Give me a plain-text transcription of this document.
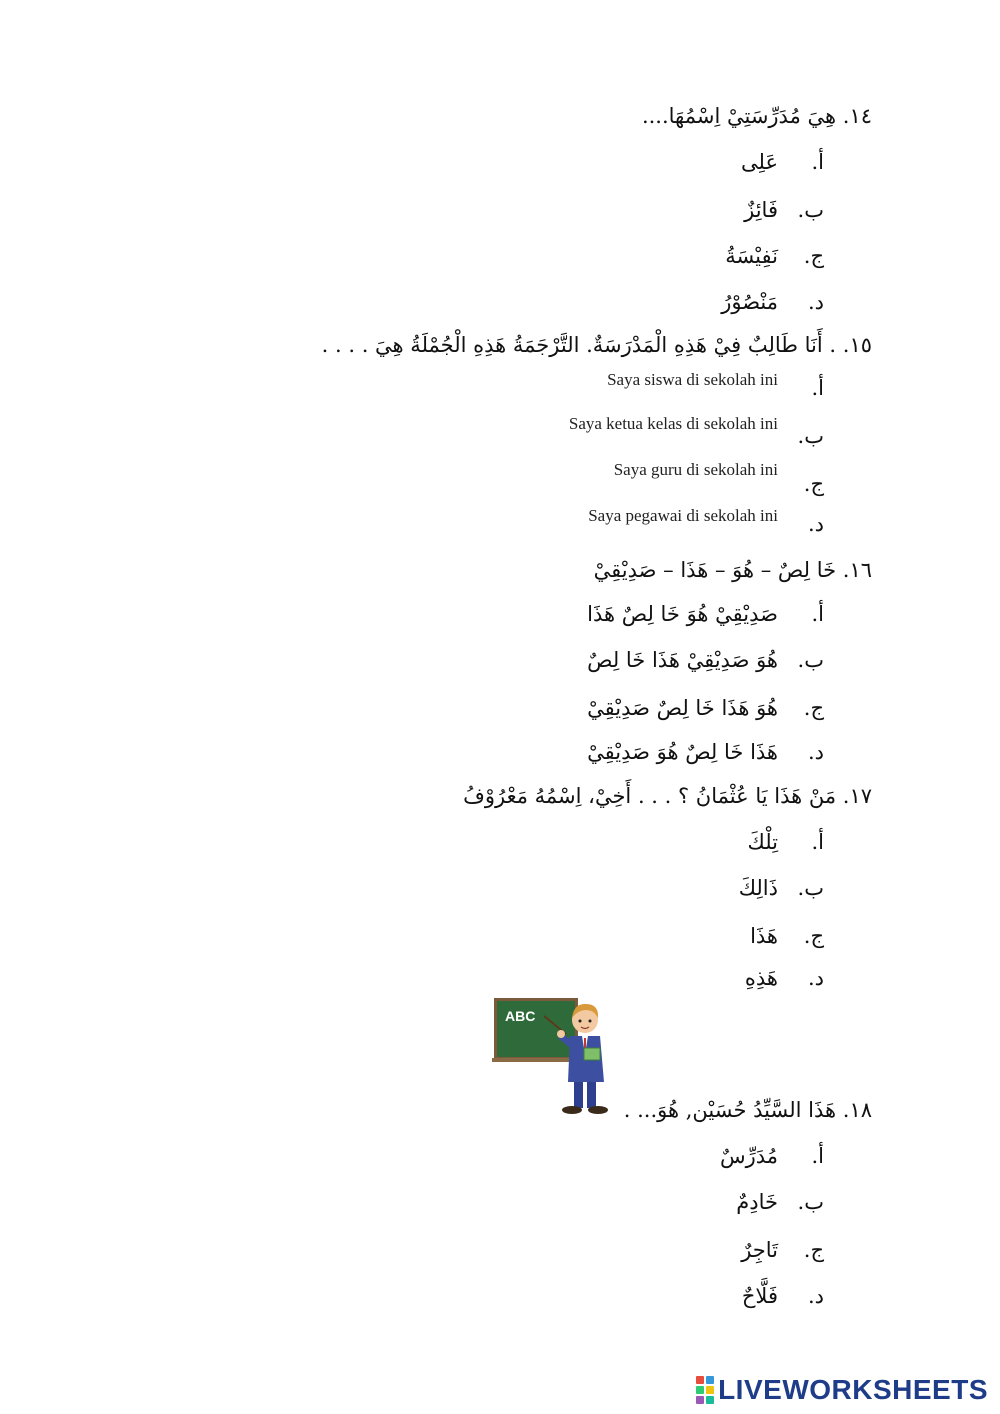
١٤. هِيَ مُدَرِّسَتِيْ اِسْمُهَا....
أ.
عَلِى
ب.
فَائِزٌ
ج.
نَفِيْسَةُ
د.
مَنْصُوْرُ
١٥. . أَنَا طَالِبٌ فِيْ هَذِهِ الْمَدْرَسَةٌ. التَّرْجَمَةُ هَذِهِ الْجُمْلَةُ هِيَ . . . .
أ.
Saya siswa di sekolah ini
ب.
Saya ketua kelas di sekolah ini
ج.
Saya guru di sekolah ini
د.
Saya pegawai di sekolah ini
١٦. خَا لِصٌ – هُوَ – هَذَا – صَدِيْقِيْ
أ.
صَدِيْقِيْ هُوَ خَا لِصٌ هَذَا
ب.
هُوَ صَدِيْقِيْ هَذَا خَا لِصٌ
ج.
هُوَ هَذَا خَا لِصٌ صَدِيْقِيْ
د.
هَذَا خَا لِصٌ هُوَ صَدِيْقِيْ
١٧. مَنْ هَذَا يَا عُثْمَانُ ؟ . . . أَخِيْ، اِسْمُهُ مَعْرُوْفُ
أ.
تِلْكَ
ب.
ذَالِكَ
ج.
هَذَا
د.
هَذِهِ
ABC
١٨. هَذَا السَّيِّدُ حُسَيْن, هُوَ... .
أ.
مُدَرِّسٌ
ب.
خَادِمٌ
ج.
تَاجِرٌ
د.
فَلَّاحٌ
LIVEWORKSHEETS
